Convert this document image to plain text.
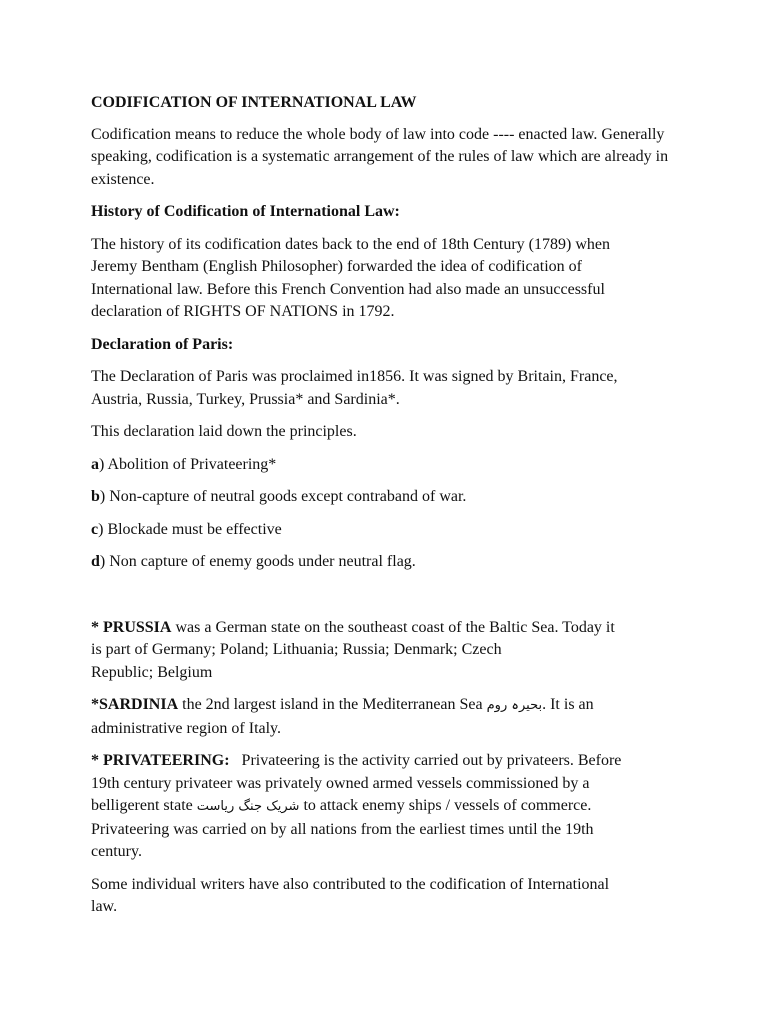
CODIFICATION OF INTERNATIONAL LAW
Codification means to reduce the whole body of law into code ---- enacted law. Generally speaking, codification is a systematic arrangement of the rules of law which are already in existence.
History of Codification of International Law:
The history of its codification dates back to the end of 18th Century (1789) when
Jeremy Bentham (English Philosopher) forwarded the idea of codification of
International law. Before this French Convention had also made an unsuccessful
declaration of RIGHTS OF NATIONS in 1792.
Declaration of Paris:
The Declaration of Paris was proclaimed in1856. It was signed by Britain, France,
Austria, Russia, Turkey, Prussia* and Sardinia*.
This declaration laid down the principles.
a) Abolition of Privateering*
b) Non-capture of neutral goods except contraband of war.
c) Blockade must be effective
d) Non capture of enemy goods under neutral flag.
* PRUSSIA was a German state on the southeast coast of the Baltic Sea. Today it
is part of Germany; Poland; Lithuania; Russia; Denmark; Czech
Republic; Belgium
*SARDINIA the 2nd largest island in the Mediterranean Sea بحیرہ روم. It is an
administrative region of Italy.
* PRIVATEERING:   Privateering is the activity carried out by privateers. Before
19th century privateer was privately owned armed vessels commissioned by a
belligerent state شریک جنگ ریاست to attack enemy ships / vessels of commerce.
Privateering was carried on by all nations from the earliest times until the 19th
century.
Some individual writers have also contributed to the codification of International
law.
